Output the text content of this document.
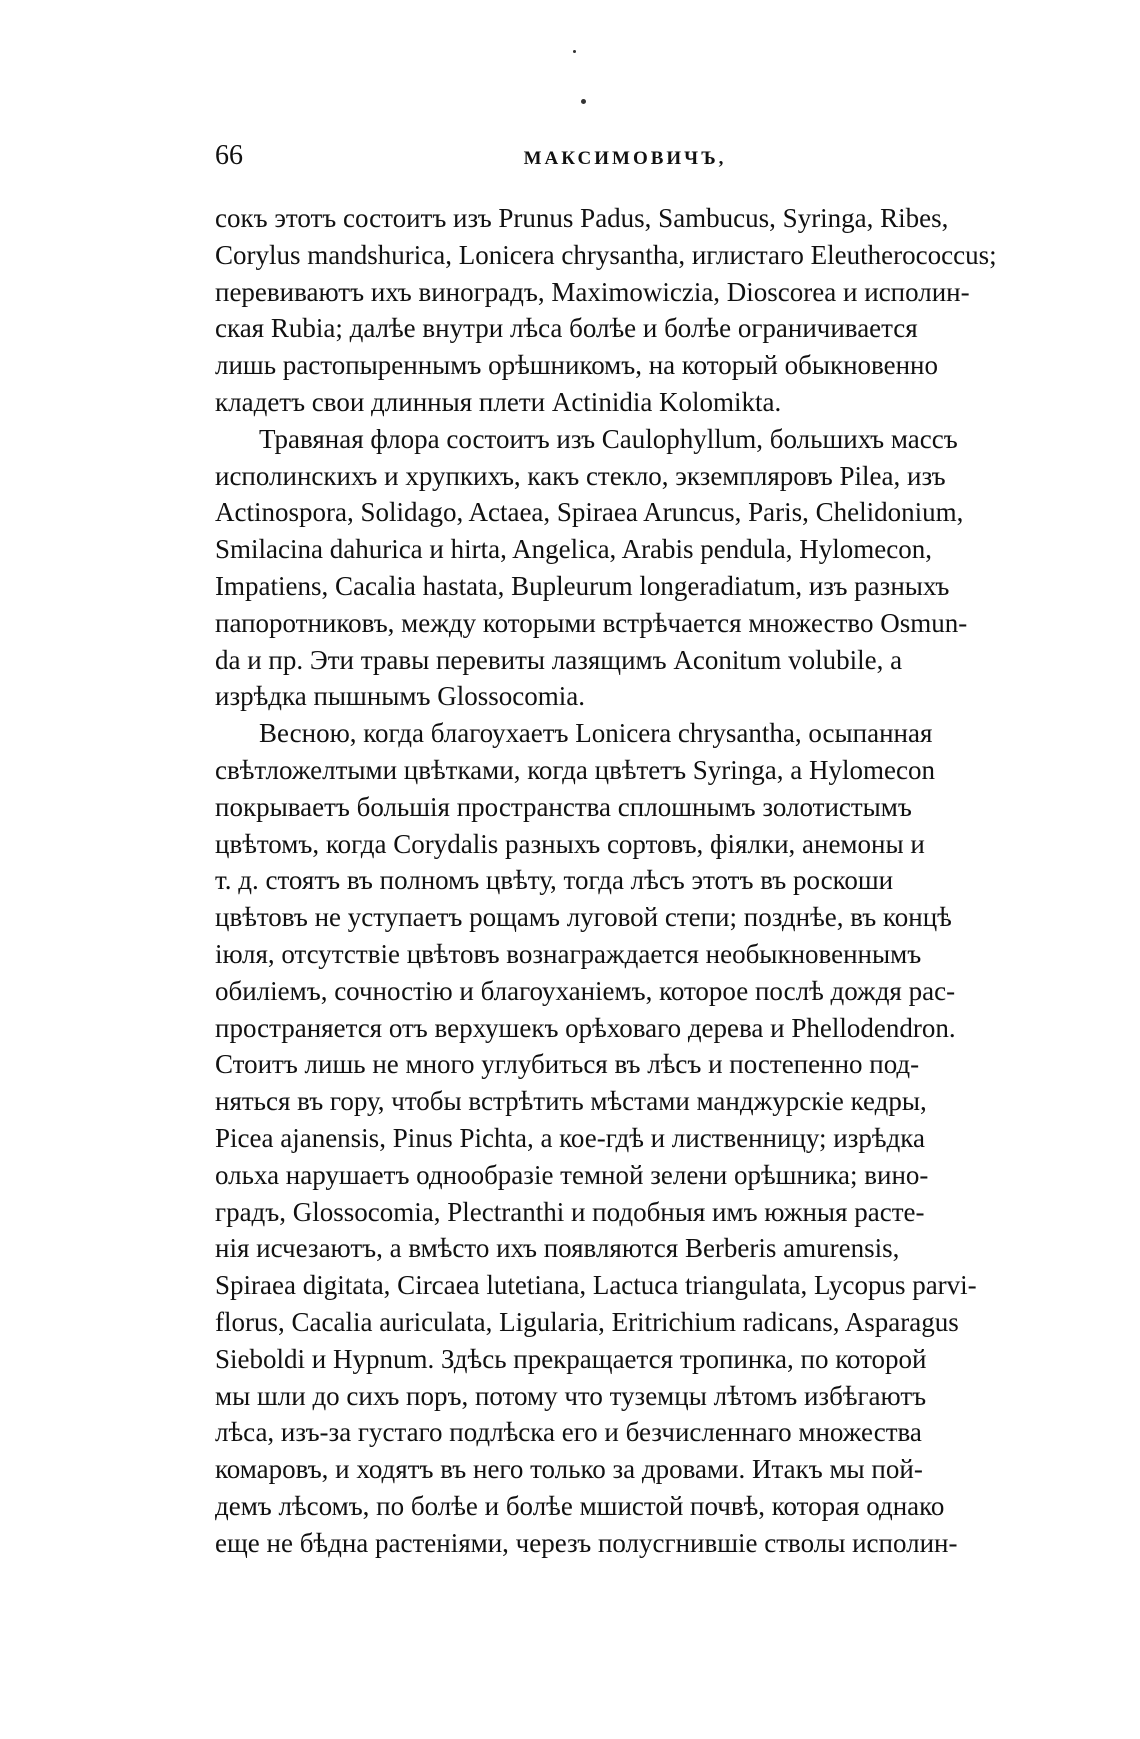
66	МАКСИМОВИЧЪ,

сокъ этотъ состоитъ изъ Prunus Padus, Sambucus, Syringa, Ribes,
Corylus mandshurica, Lonicera chrysantha, иглистаго Eleutherococcus;
перевиваютъ ихъ виноградъ, Maximowiczia, Dioscorea и исполин-
ская Rubia; далѣе внутри лѣса болѣе и болѣе ограничивается
лишь растопыреннымъ орѣшникомъ, на который обыкновенно
кладетъ свои длинныя плети Actinidia Kolomikta.

Травяная флора состоитъ изъ Caulophyllum, большихъ массъ
исполинскихъ и хрупкихъ, какъ стекло, экземпляровъ Pilea, изъ
Actinospora, Solidago, Actaea, Spiraea Aruncus, Paris, Chelidonium,
Smilacina dahurica и hirta, Angelica, Arabis pendula, Hylomecon,
Impatiens, Cacalia hastata, Bupleurum longeradiatum, изъ разныхъ
папоротниковъ, между которыми встрѣчается множество Osmun-
da и пр. Эти травы перевиты лазящимъ Aconitum volubile, а
изрѣдка пышнымъ Glossocomia.

Весною, когда благоухаетъ Lonicera chrysantha, осыпанная
свѣтложелтыми цвѣтками, когда цвѣтетъ Syringa, а Hylomecon
покрываетъ большія пространства сплошнымъ золотистымъ
цвѣтомъ, когда Corydalis разныхъ сортовъ, фіялки, анемоны и
т. д. стоятъ въ полномъ цвѣту, тогда лѣсъ этотъ въ роскоши
цвѣтовъ не уступаетъ рощамъ луговой степи; позднѣе, въ концѣ
іюля, отсутствіе цвѣтовъ вознаграждается необыкновеннымъ
обиліемъ, сочностію и благоуханіемъ, которое послѣ дождя рас-
пространяется отъ верхушекъ орѣховаго дерева и Phellodendron.
Стоитъ лишь не много углубиться въ лѣсъ и постепенно под-
няться въ гору, чтобы встрѣтить мѣстами манджурскіе кедры,
Picea ajanensis, Pinus Pichta, а кое-гдѣ и лиственницу; изрѣдка
ольха нарушаетъ однообразіе темной зелени орѣшника; вино-
градъ, Glossocomia, Plectranthi и подобныя имъ южныя расте-
нія исчезаютъ, а вмѣсто ихъ появляются Berberis amurensis,
Spiraea digitata, Circaea lutetiana, Lactuca triangulata, Lycopus parvi-
florus, Cacalia auriculata, Ligularia, Eritrichium radicans, Asparagus
Sieboldi и Hypnum. Здѣсь прекращается тропинка, по которой
мы шли до сихъ поръ, потому что туземцы лѣтомъ избѣгаютъ
лѣса, изъ-за густаго подлѣска его и безчисленнаго множества
комаровъ, и ходятъ въ него только за дровами. Итакъ мы пой-
демъ лѣсомъ, по болѣе и болѣе мшистой почвѣ, которая однако
еще не бѣдна растеніями, черезъ полусгнившіе стволы исполин-
